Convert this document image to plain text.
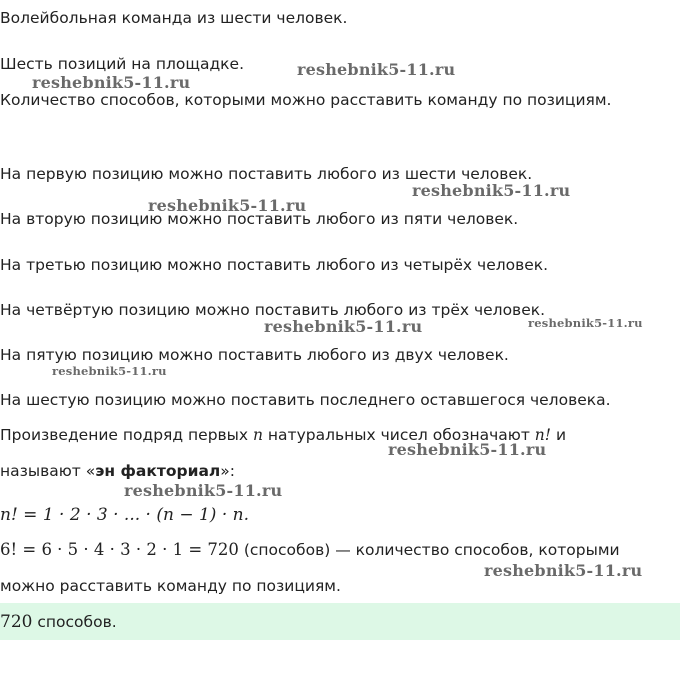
Волейбольная команда из шести человек.
Шесть позиций на площадке.
Количество способов, которыми можно расставить команду по позициям.
На первую позицию можно поставить любого из шести человек.
На вторую позицию можно поставить любого из пяти человек.
На третью позицию можно поставить любого из четырёх человек.
На четвёртую позицию можно поставить любого из трёх человек.
На пятую позицию можно поставить любого из двух человек.
На шестую позицию можно поставить последнего оставшегося человека.
Произведение подряд первых n натуральных чисел обозначают n! и
называют «эн факториал»:
n! = 1 · 2 · 3 · ... · (n − 1) · n.
6! = 6 · 5 · 4 · 3 · 2 · 1 = 720 (способов) — количество способов, которыми
можно расставить команду по позициям.
720 способов.
reshebnik5-11.ru
reshebnik5-11.ru
reshebnik5-11.ru
reshebnik5-11.ru
reshebnik5-11.ru	reshebnik5-11.ru
reshebnik5-11.ru
reshebnik5-11.ru
reshebnik5-11.ru
reshebnik5-11.ru
